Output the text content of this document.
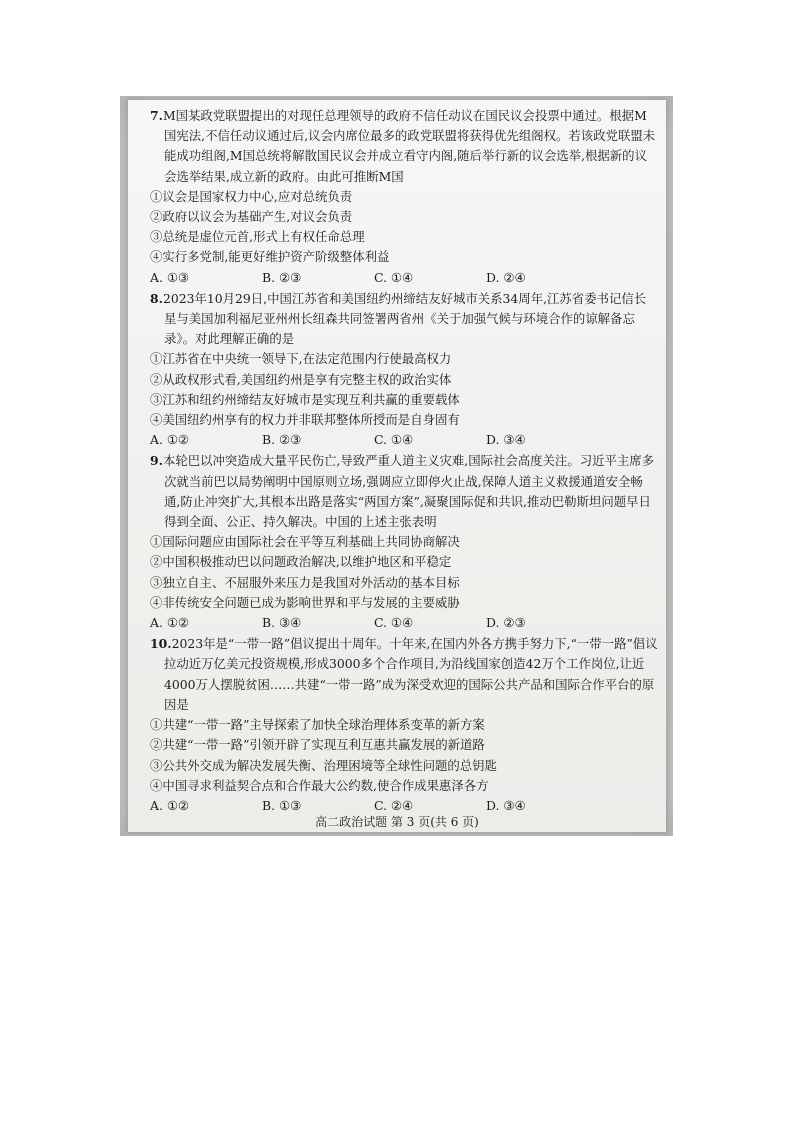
7.M国某政党联盟提出的对现任总理领导的政府不信任动议在国民议会投票中通过。根据M国宪法,不信任动议通过后,议会内席位最多的政党联盟将获得优先组阁权。若该政党联盟未能成功组阁,M国总统将解散国民议会并成立看守内阁,随后举行新的议会选举,根据新的议会选举结果,成立新的政府。由此可推断M国

①议会是国家权力中心,应对总统负责

②政府以议会为基础产生,对议会负责

③总统是虚位元首,形式上有权任命总理

④实行多党制,能更好维护资产阶级整体利益

A. ①③	B. ②③	C. ①④	D. ②④

8.2023年10月29日,中国江苏省和美国纽约州缔结友好城市关系34周年,江苏省委书记信长星与美国加利福尼亚州州长纽森共同签署两省州《关于加强气候与环境合作的谅解备忘录》。对此理解正确的是

①江苏省在中央统一领导下,在法定范围内行使最高权力

②从政权形式看,美国纽约州是享有完整主权的政治实体

③江苏和纽约州缔结友好城市是实现互利共赢的重要载体

④美国纽约州享有的权力并非联邦整体所授而是自身固有

A. ①②	B. ②③	C. ①④	D. ③④

9.本轮巴以冲突造成大量平民伤亡,导致严重人道主义灾难,国际社会高度关注。习近平主席多次就当前巴以局势阐明中国原则立场,强调应立即停火止战,保障人道主义救援通道安全畅通,防止冲突扩大,其根本出路是落实“两国方案”,凝聚国际促和共识,推动巴勒斯坦问题早日得到全面、公正、持久解决。中国的上述主张表明

①国际问题应由国际社会在平等互利基础上共同协商解决

②中国积极推动巴以问题政治解决,以维护地区和平稳定

③独立自主、不屈服外来压力是我国对外活动的基本目标

④非传统安全问题已成为影响世界和平与发展的主要威胁

A. ①②	B. ③④	C. ①④	D. ②③

10.2023年是“一带一路”倡议提出十周年。十年来,在国内外各方携手努力下,“一带一路”倡议拉动近万亿美元投资规模,形成3000多个合作项目,为沿线国家创造42万个工作岗位,让近4000万人摆脱贫困……共建“一带一路”成为深受欢迎的国际公共产品和国际合作平台的原因是

①共建“一带一路”主导探索了加快全球治理体系变革的新方案

②共建“一带一路”引领开辟了实现互利互惠共赢发展的新道路

③公共外交成为解决发展失衡、治理困境等全球性问题的总钥匙

④中国寻求利益契合点和合作最大公约数,使合作成果惠泽各方

A. ①②	B. ①③	C. ②④	D. ③④
高二政治试题 第 3 页(共 6 页)
